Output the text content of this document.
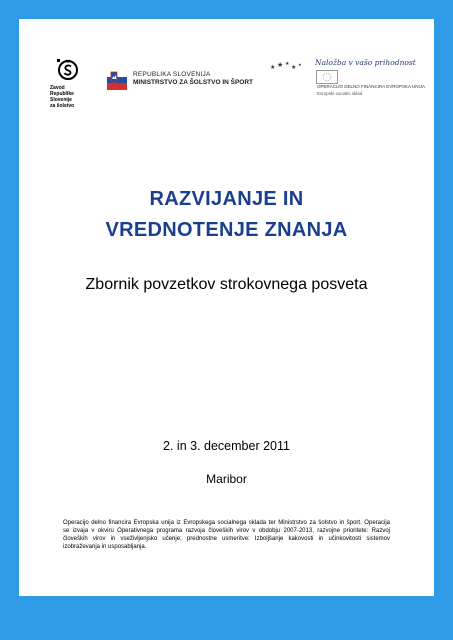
Zavod
Republike
Slovenije
za šolstvo
REPUBLIKA SLOVENIJA
MINISTRSTVO ZA ŠOLSTVO IN ŠPORT
★ ★ ★ ★ ★ Naložba v vašo prihodnost
OPERACIJO DELNO FINANCIRA EVROPSKA UNIJA
Evropski socialni sklad
RAZVIJANJE IN
VREDNOTENJE ZNANJA
Zbornik povzetkov strokovnega posveta
2. in 3. december 2011
Maribor
Operacijo delno financira Evropska unija iz Evropskega socialnega sklada ter Ministrstvo za šolstvo in šport. Operacija
se izvaja v okviru Operativnega programa razvoja človeških virov v obdobju 2007-2013, razvojne prioritete: Razvoj
človeških virov in vseživljenjsko učenje; prednostne usmeritve: Izboljšanje kakovosti in učinkovitosti sistemov
izobraževanja in usposabljanja.
